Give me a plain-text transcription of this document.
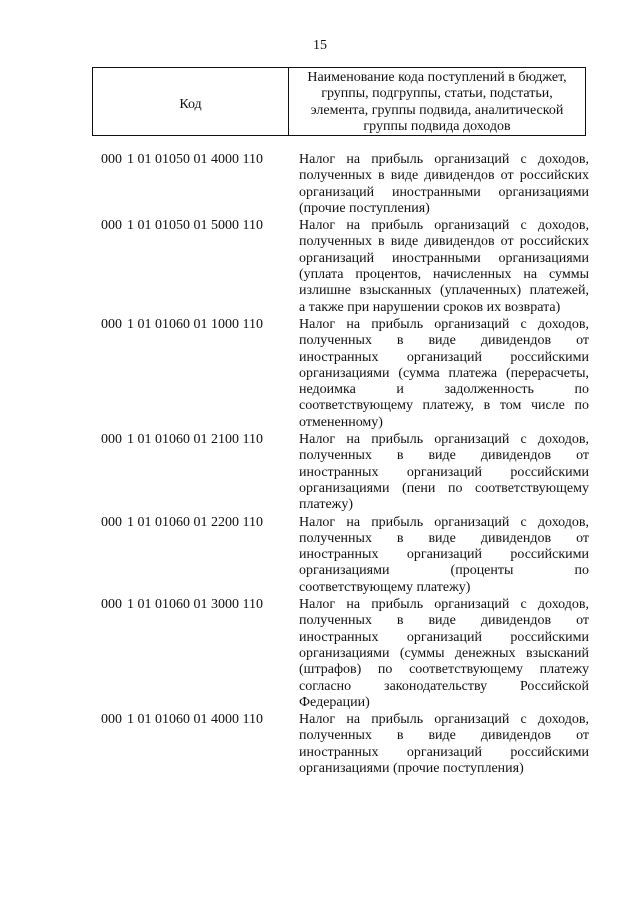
15
Код
Наименование кода поступлений в бюджет, группы, подгруппы, статьи, подстатьи, элемента, группы подвида, аналитической группы подвида доходов
000 1 01 01050 01 4000 110	Налог на прибыль организаций с доходов,
полученных в виде дивидендов от российских
организаций иностранными организациями
(прочие поступления)
000 1 01 01050 01 5000 110	Налог на прибыль организаций с доходов,
полученных в виде дивидендов от российских
организаций иностранными организациями
(уплата процентов, начисленных на суммы
излишне взысканных (уплаченных) платежей,
а также при нарушении сроков их возврата)
000 1 01 01060 01 1000 110	Налог на прибыль организаций с доходов,
полученных в виде дивидендов от
иностранных организаций российскими
организациями (сумма платежа (перерасчеты,
недоимка и задолженность по
соответствующему платежу, в том числе по
отмененному)
000 1 01 01060 01 2100 110	Налог на прибыль организаций с доходов,
полученных в виде дивидендов от
иностранных организаций российскими
организациями (пени по соответствующему
платежу)
000 1 01 01060 01 2200 110	Налог на прибыль организаций с доходов,
полученных в виде дивидендов от
иностранных организаций российскими
организациями (проценты по
соответствующему платежу)
000 1 01 01060 01 3000 110	Налог на прибыль организаций с доходов,
полученных в виде дивидендов от
иностранных организаций российскими
организациями (суммы денежных взысканий
(штрафов) по соответствующему платежу
согласно законодательству Российской
Федерации)
000 1 01 01060 01 4000 110	Налог на прибыль организаций с доходов,
полученных в виде дивидендов от
иностранных организаций российскими
организациями (прочие поступления)
